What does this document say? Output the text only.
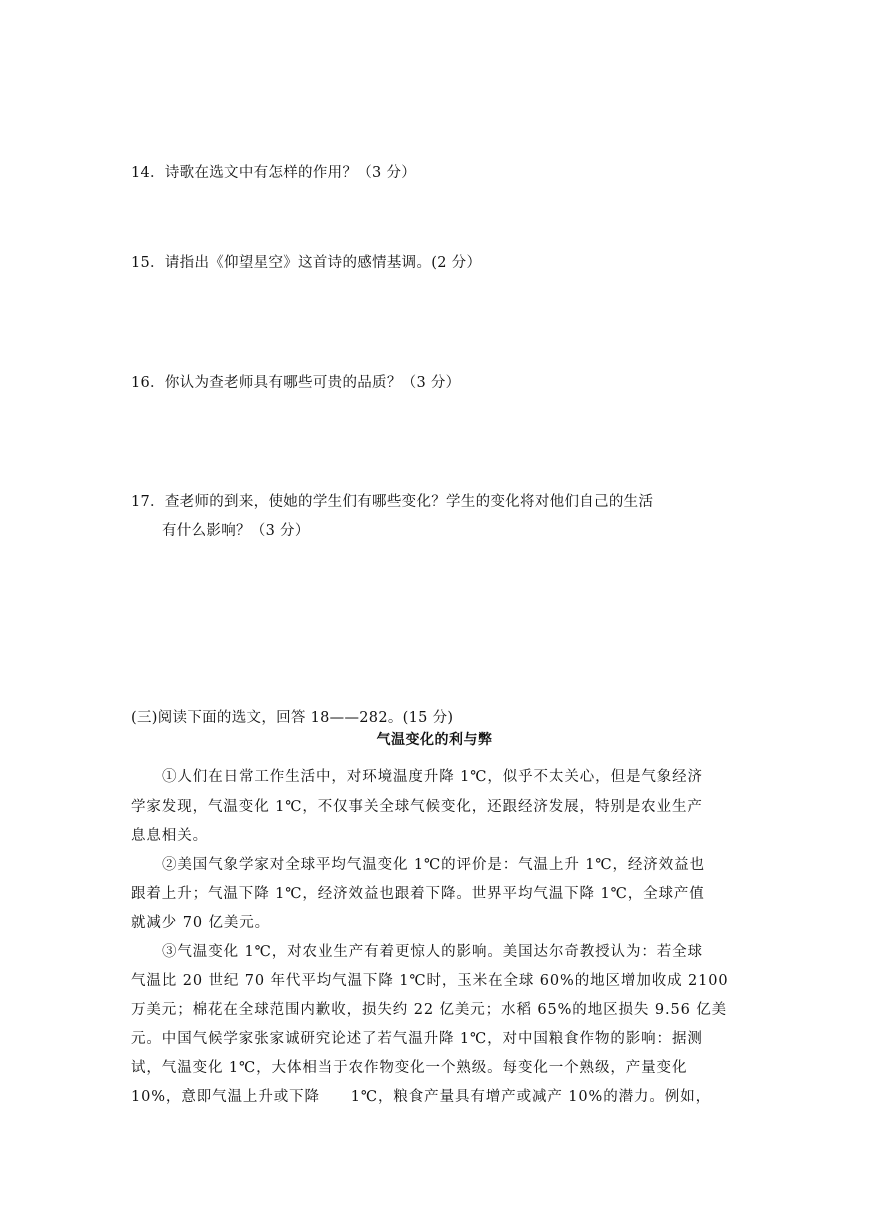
14．诗歌在选文中有怎样的作用？（3 分）
15．请指出《仰望星空》这首诗的感情基调。(2 分）
16．你认为查老师具有哪些可贵的品质？（3 分）
17．查老师的到来，使她的学生们有哪些变化？学生的变化将对他们自己的生活
有什么影响？（3 分）
(三)阅读下面的选文，回答 18——282。(15 分)
气温变化的利与弊
①人们在日常工作生活中，对环境温度升降 1℃，似乎不太关心，但是气象经济
学家发现，气温变化 1℃，不仅事关全球气候变化，还跟经济发展，特别是农业生产
息息相关。
②美国气象学家对全球平均气温变化 1℃的评价是：气温上升 1℃，经济效益也
跟着上升；气温下降 1℃，经济效益也跟着下降。世界平均气温下降 1℃，全球产值
就减少 70 亿美元。
③气温变化 1℃，对农业生产有着更惊人的影响。美国达尔奇教授认为：若全球
气温比 20 世纪 70 年代平均气温下降 1℃时，玉米在全球 60%的地区增加收成 2100
万美元；棉花在全球范围内歉收，损失约 22 亿美元；水稻 65%的地区损失 9.56 亿美
元。中国气候学家张家诚研究论述了若气温升降 1℃，对中国粮食作物的影响：据测
试，气温变化 1℃，大体相当于农作物变化一个熟级。每变化一个熟级，产量变化
10%，意即气温上升或下降　　1℃，粮食产量具有增产或减产 10%的潜力。例如，
